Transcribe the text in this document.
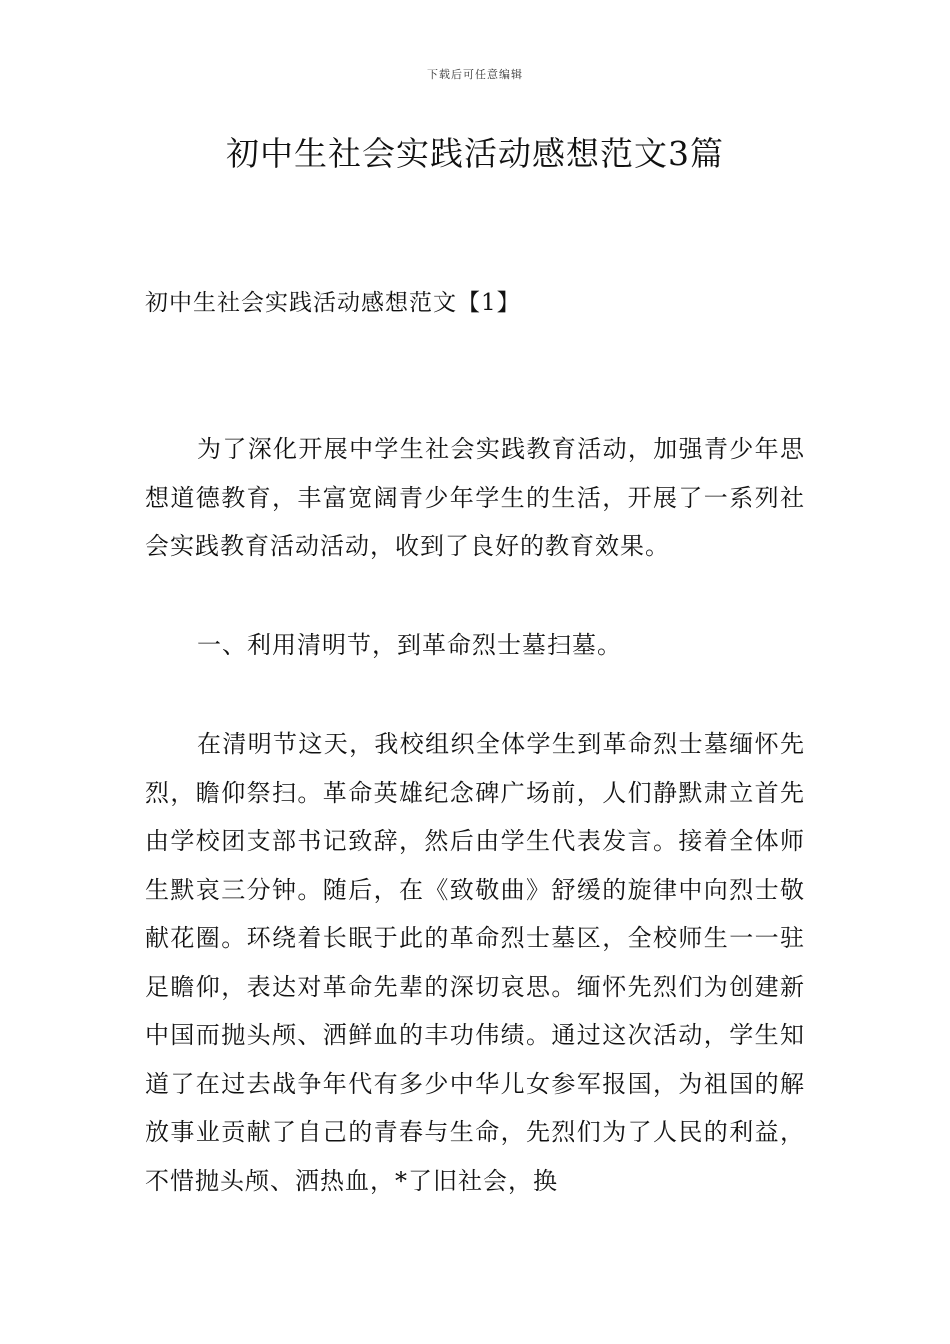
下载后可任意编辑
初中生社会实践活动感想范文3篇
初中生社会实践活动感想范文【1】

为了深化开展中学生社会实践教育活动，加强青少年思想道德教育，丰富宽阔青少年学生的生活，开展了一系列社会实践教育活动活动，收到了良好的教育效果。

一、利用清明节，到革命烈士墓扫墓。

在清明节这天，我校组织全体学生到革命烈士墓缅怀先烈，瞻仰祭扫。革命英雄纪念碑广场前，人们静默肃立首先由学校团支部书记致辞，然后由学生代表发言。接着全体师生默哀三分钟。随后，在《致敬曲》舒缓的旋律中向烈士敬献花圈。环绕着长眠于此的革命烈士墓区，全校师生一一驻足瞻仰，表达对革命先辈的深切哀思。缅怀先烈们为创建新中国而抛头颅、洒鲜血的丰功伟绩。通过这次活动，学生知道了在过去战争年代有多少中华儿女参军报国，为祖国的解放事业贡献了自己的青春与生命，先烈们为了人民的利益，不惜抛头颅、洒热血，*了旧社会，换
